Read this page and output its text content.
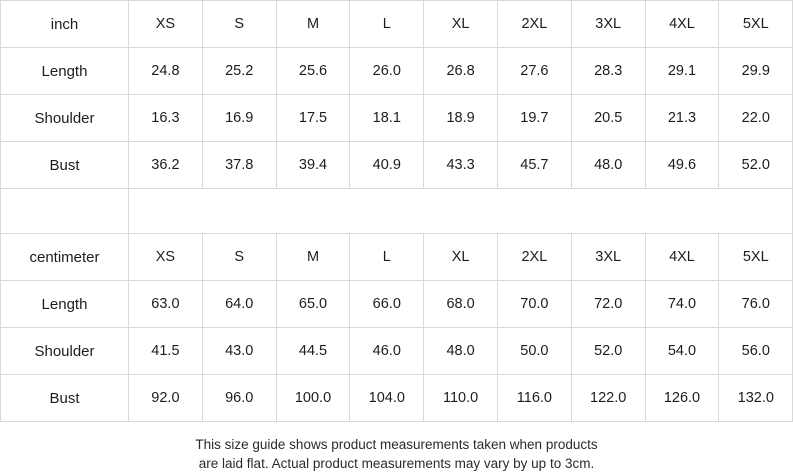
inch	XS	S	M	L	XL	2XL	3XL	4XL	5XL
Length	24.8	25.2	25.6	26.0	26.8	27.6	28.3	29.1	29.9
Shoulder	16.3	16.9	17.5	18.1	18.9	19.7	20.5	21.3	22.0
Bust	36.2	37.8	39.4	40.9	43.3	45.7	48.0	49.6	52.0
centimeter	XS	S	M	L	XL	2XL	3XL	4XL	5XL
Length	63.0	64.0	65.0	66.0	68.0	70.0	72.0	74.0	76.0
Shoulder	41.5	43.0	44.5	46.0	48.0	50.0	52.0	54.0	56.0
Bust	92.0	96.0	100.0	104.0	110.0	116.0	122.0	126.0	132.0
This size guide shows product measurements taken when products
are laid flat. Actual product measurements may vary by up to 3cm.
